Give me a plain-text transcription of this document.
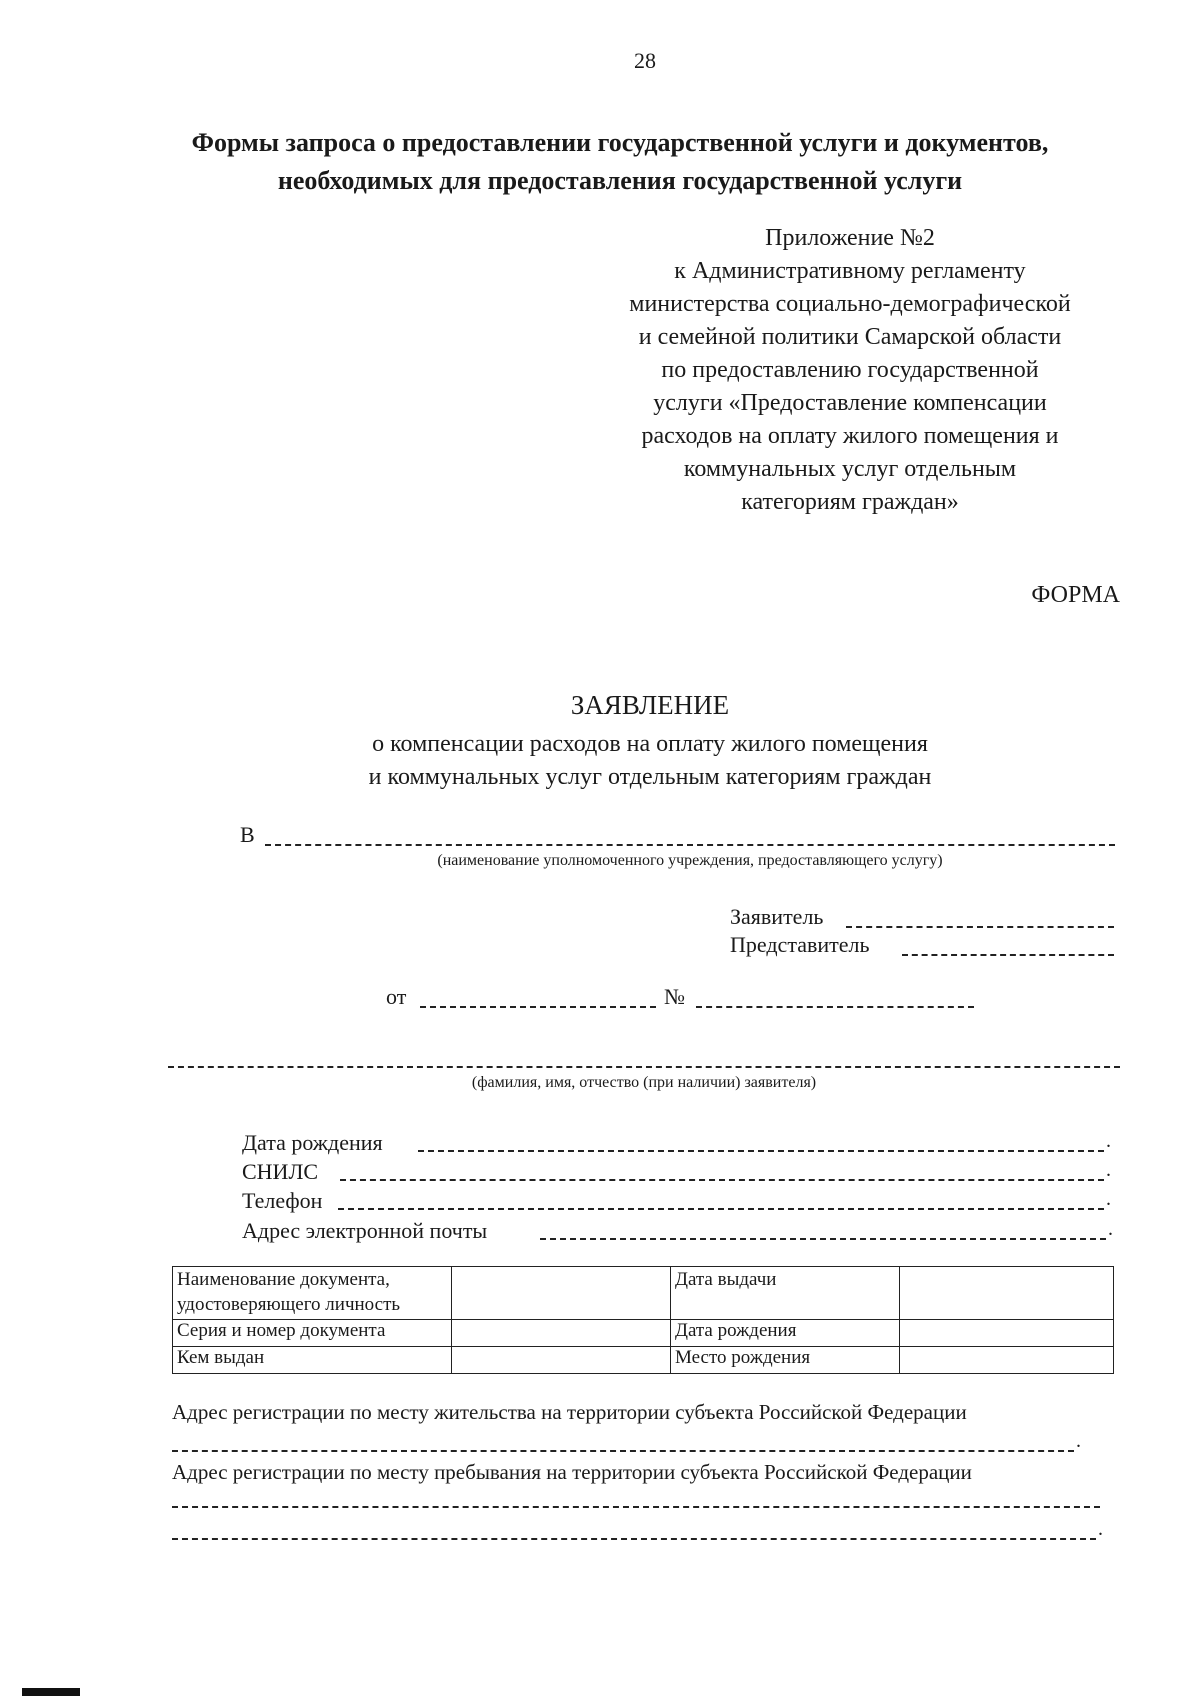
28
Формы запроса о предоставлении государственной услуги и документов, необходимых для предоставления государственной услуги
Приложение №2
к Административному регламенту
министерства социально-демографической
и семейной политики Самарской области
по предоставлению государственной
услуги «Предоставление компенсации
расходов на оплату жилого помещения и
коммунальных услуг отдельным
категориям граждан»
ФОРМА
ЗАЯВЛЕНИЕ
о компенсации расходов на оплату жилого помещения
и коммунальных услуг отдельным категориям граждан
В
(наименование уполномоченного учреждения, предоставляющего услугу)
Заявитель
Представитель
от	№
(фамилия, имя, отчество (при наличии) заявителя)
Дата рождения	.
СНИЛС	.
Телефон	.
Адрес электронной почты	.
Наименование документа,
удостоверяющего личность		Дата выдачи	
Серия и номер документа		Дата рождения	
Кем выдан		Место рождения	
Адрес регистрации по месту жительства на территории субъекта Российской Федерации
.
Адрес регистрации по месту пребывания на территории субъекта Российской Федерации
.
